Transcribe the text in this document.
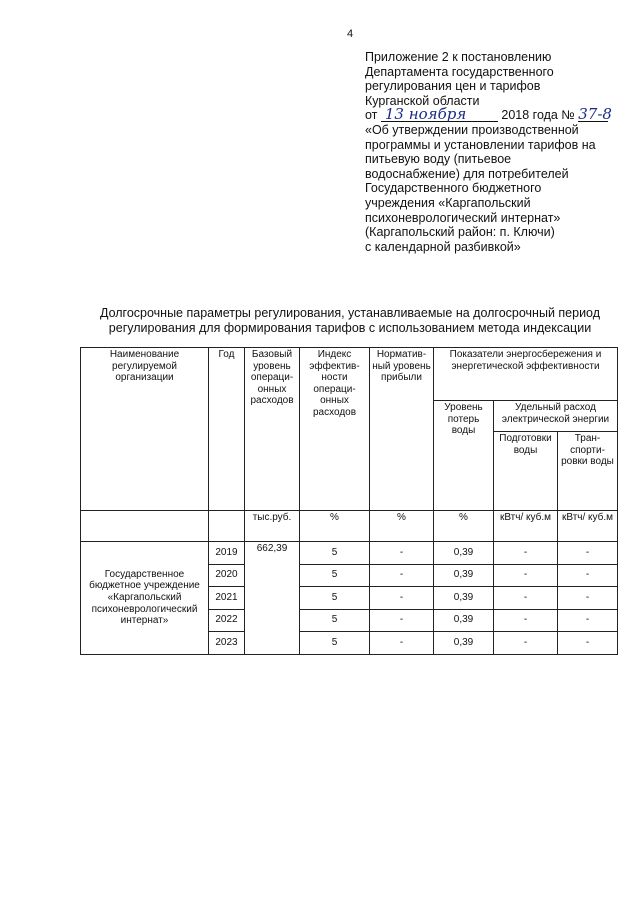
4
Приложение 2 к постановлению
Департамента государственного
регулирования цен и тарифов
Курганской области
от 13 ноября	2018 года № 37-8
«Об утверждении производственной
программы и установлении тарифов на
питьевую воду (питьевое
водоснабжение) для потребителей
Государственного бюджетного
учреждения «Каргапольский
психоневрологический интернат»
(Каргапольский район: п. Ключи)
с календарной разбивкой»
Долгосрочные параметры регулирования, устанавливаемые на долгосрочный период
регулирования для формирования тарифов с использованием метода индексации
Наименование регулируемой организации	Год	Базовый уровень операци-онных расходов	Индекс эффектив-ности операци-онных расходов	Норматив-ный уровень прибыли	Показатели энергосбережения и энергетической эффективности		
					Уровень потерь воды	Удельный расход электрической энергии	
						Подготовки воды	Тран-спорти-ровки воды
		тыс.руб.	%	%	%	кВтч/ куб.м	кВтч/ куб.м
Государственное бюджетное учреждение «Каргапольский психоневрологический интернат»	2019	662,39	5	-	0,39	-	-
	2020		5	-	0,39	-	-
	2021		5	-	0,39	-	-
	2022		5	-	0,39	-	-
	2023		5	-	0,39	-	-
